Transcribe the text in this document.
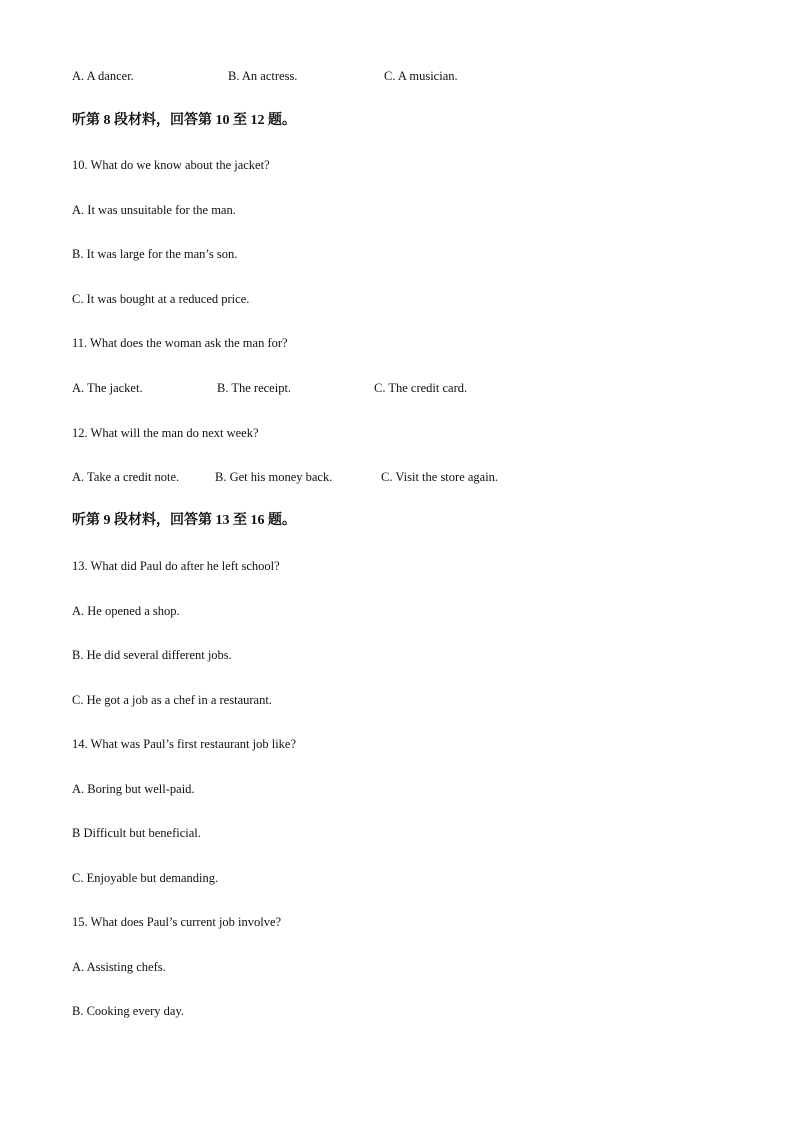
A. A dancer.	B. An actress.	C. A musician.
听第 8 段材料，回答第 10 至 12 题。
10. What do we know about the jacket?
A. It was unsuitable for the man.
B. It was large for the man’s son.
C. It was bought at a reduced price.
11. What does the woman ask the man for?
A. The jacket.	B. The receipt.	C. The credit card.
12. What will the man do next week?
A. Take a credit note.	B. Get his money back.	C. Visit the store again.
听第 9 段材料，回答第 13 至 16 题。
13. What did Paul do after he left school?
A. He opened a shop.
B. He did several different jobs.
C. He got a job as a chef in a restaurant.
14. What was Paul’s first restaurant job like?
A. Boring but well-paid.
B Difficult but beneficial.
C. Enjoyable but demanding.
15. What does Paul’s current job involve?
A. Assisting chefs.
B. Cooking every day.
